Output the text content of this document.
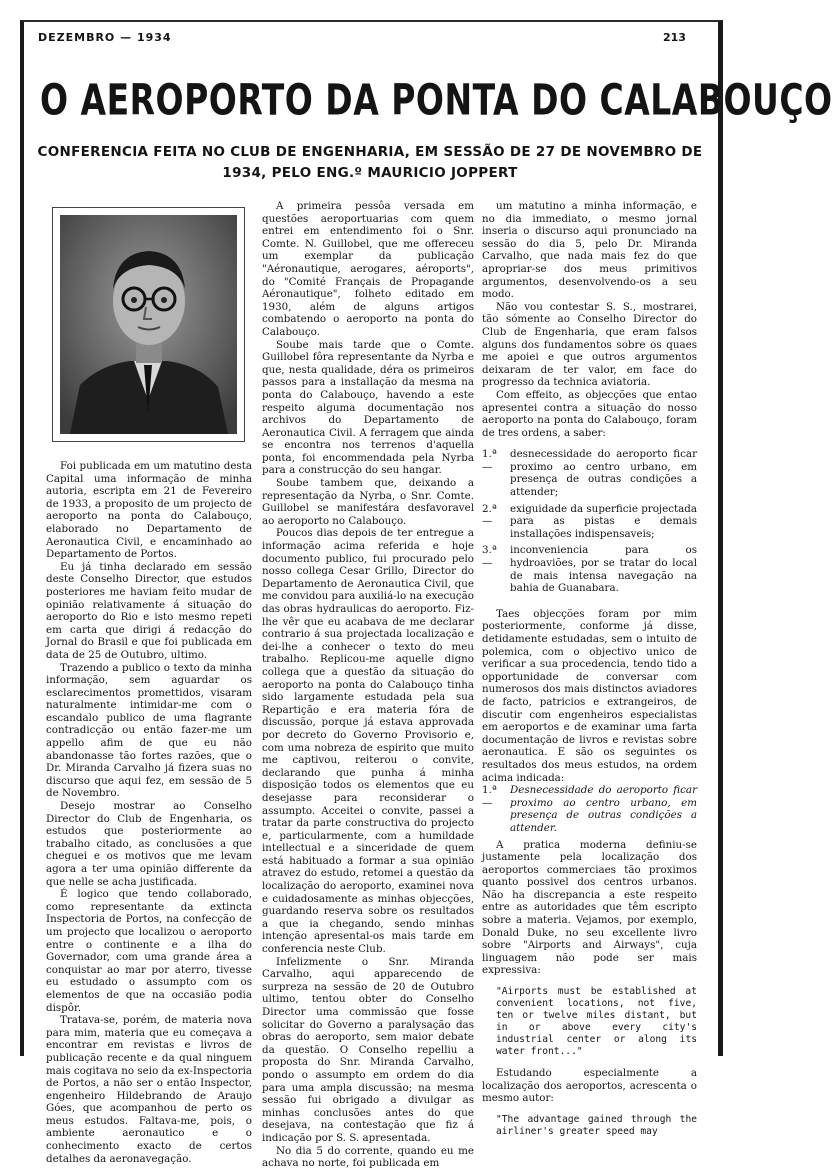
DEZEMBRO — 1934	213
O AEROPORTO DA PONTA DO CALABOUÇO
CONFERENCIA FEITA NO CLUB DE ENGENHARIA, EM SESSÃO DE 27 DE NOVEMBRO DE 1934, PELO ENG.º MAURICIO JOPPERT

Foi publicada em um matutino desta Capital uma informação de minha autoria, escripta em 21 de Fevereiro de 1933, a proposito de um projecto de aeroporto na ponta do Calabouço, elaborado no Departamento de Aeronautica Civil, e encaminhado ao Departamento de Portos.

Eu já tinha declarado em sessão deste Conselho Director, que estudos posteriores me haviam feito mudar de opinião relativamente á situação do aeroporto do Rio e isto mesmo repeti em carta que dirigi á redacção do Jornal do Brasil e que foi publicada em data de 25 de Outubro, ultimo.

Trazendo a publico o texto da minha informação, sem aguardar os esclarecimentos promettidos, visaram naturalmente intimidar-me com o escandalo publico de uma flagrante contradicção ou então fazer-me um appello afim de que eu não abandonasse tão fortes razões, que o Dr. Miranda Carvalho já fizera suas no discurso que aqui fez, em sessão de 5 de Novembro.

Desejo mostrar ao Conselho Director do Club de Engenharia, os estudos que posteriormente ao trabalho citado, as conclusões a que cheguei e os motivos que me levam agora a ter uma opinião differente da que nelle se acha justificada.

É logico que tendo collaborado, como representante da extincta Inspectoria de Portos, na confecção de um projecto que localizou o aeroporto entre o continente e a ilha do Governador, com uma grande área a conquistar ao mar por aterro, tivesse eu estudado o assumpto com os elementos de que na occasião podia dispôr.

Tratava-se, porém, de materia nova para mim, materia que eu começava a encontrar em revistas e livros de publicação recente e da qual ninguem mais cogitava no seio da ex-Inspectoria de Portos, a não ser o então Inspector, engenheiro Hildebrando de Araujo Góes, que acompanhou de perto os meus estudos. Faltava-me, pois, o ambiente aeronautico e o conhecimento exacto de certos detalhes da aeronavegação.

A primeira pessôa versada em questões aeroportuarias com quem entrei em entendimento foi o Snr. Comte. N. Guillobel, que me offereceu um exemplar da publicação "Aéronautique, aerogares, aéroports", do "Comité Français de Propagande Aéronautique", folheto editado em 1930, além de alguns artigos combatendo o aeroporto na ponta do Calabouço.

Soube mais tarde que o Comte. Guillobel fôra representante da Nyrba e que, nesta qualidade, déra os primeiros passos para a installação da mesma na ponta do Calabouço, havendo a este respeito alguma documentação nos archivos do Departamento de Aeronautica Civil. A ferragem que ainda se encontra nos terrenos d'aquella ponta, foi encommendada pela Nyrba para a construcção do seu hangar.

Soube tambem que, deixando a representação da Nyrba, o Snr. Comte. Guillobel se manifestára desfavoravel ao aeroporto no Calabouço.

Poucos dias depois de ter entregue a informação acima referida e hoje documento publico, fui procurado pelo nosso collega Cesar Grillo, Director do Departamento de Aeronautica Civil, que me convidou para auxiliá-lo na execução das obras hydraulicas do aeroporto. Fiz-lhe vêr que eu acabava de me declarar contrario á sua projectada localização e dei-lhe a conhecer o texto do meu trabalho. Replicou-me aquelle digno collega que a questão da situação do aeroporto na ponta do Calabouço tinha sido largamente estudada pela sua Repartição e era materia fóra de discussão, porque já estava approvada por decreto do Governo Provisorio e, com uma nobreza de espirito que muito me captivou, reiterou o convite, declarando que punha á minha disposição todos os elementos que eu desejasse para reconsiderar o assumpto. Acceitei o convite, passei a tratar da parte constructiva do projecto e, particularmente, com a humildade intellectual e a sinceridade de quem está habituado a formar a sua opinião atravez do estudo, retomei a questão da localização do aeroporto, examinei nova e cuidadosamente as minhas objecções, guardando reserva sobre os resultados a que ia chegando, sendo minhas intenção apresental-os mais tarde em conferencia neste Club.

Infelizmente o Snr. Miranda Carvalho, aqui apparecendo de surpreza na sessão de 20 de Outubro ultimo, tentou obter do Conselho Director uma commissão que fosse solicitar do Governo a paralysação das obras do aeroporto, sem maior debate da questão. O Conselho repelliu a proposta do Snr. Miranda Carvalho, pondo o assumpto em ordem do dia para uma ampla discussão; na mesma sessão fui obrigado a divulgar as minhas conclusões antes do que desejava, na contestação que fiz á indicação por S. S. apresentada.

No dia 5 do corrente, quando eu me achava no norte, foi publicada em

um matutino a minha informação, e no dia immediato, o mesmo jornal inseria o discurso aqui pronunciado na sessão do dia 5, pelo Dr. Miranda Carvalho, que nada mais fez do que apropriar-se dos meus primitivos argumentos, desenvolvendo-os a seu modo.

Não vou contestar S. S., mostrarei, tão sómente ao Conselho Director do Club de Engenharia, que eram falsos alguns dos fundamentos sobre os quaes me apoiei e que outros argumentos deixaram de ter valor, em face do progresso da technica aviatoria.

Com effeito, as objecções que entao apresentei contra a situação do nosso aeroporto na ponta do Calabouço, foram de tres ordens, a saber:

1.ª —
desnecessidade do aeroporto ficar proximo ao centro urbano, em presença de outras condições a attender;
2.ª —
exiguidade da superficie projectada para as pistas e demais installações indispensaveis;
3.ª —
inconveniencia para os hydroaviões, por se tratar do local de mais intensa navegação na bahia de Guanabara.

Taes objecções foram por mim posteriormente, conforme já disse, detidamente estudadas, sem o intuito de polemica, com o objectivo unico de verificar a sua procedencia, tendo tido a opportunidade de conversar com numerosos dos mais distinctos aviadores de facto, patricios e extrangeiros, de discutir com engenheiros especialistas em aeroportos e de examinar uma farta documentação de livros e revistas sobre aeronautica. E são os seguintes os resultados dos meus estudos, na ordem acima indicada:

1.ª —
Desnecessidade do aeroporto ficar proximo ao centro urbano, em presença de outras condições a attender.

A pratica moderna definiu-se justamente pela localização dos aeroportos commerciaes tão proximos quanto possivel dos centros urbanos. Não ha discrepancia a este respeito entre as autoridades que têm escripto sobre a materia. Vejamos, por exemplo, Donald Duke, no seu excellente livro sobre "Airports and Airways", cuja linguagem não pode ser mais expressiva:

"Airports must be established at convenient locations, not five, ten or twelve miles distant, but in or above every city's industrial center or along its water front..."

Estudando especialmente a localização dos aeroportos, acrescenta o mesmo autor:

"The advantage gained through the airliner's greater speed may
